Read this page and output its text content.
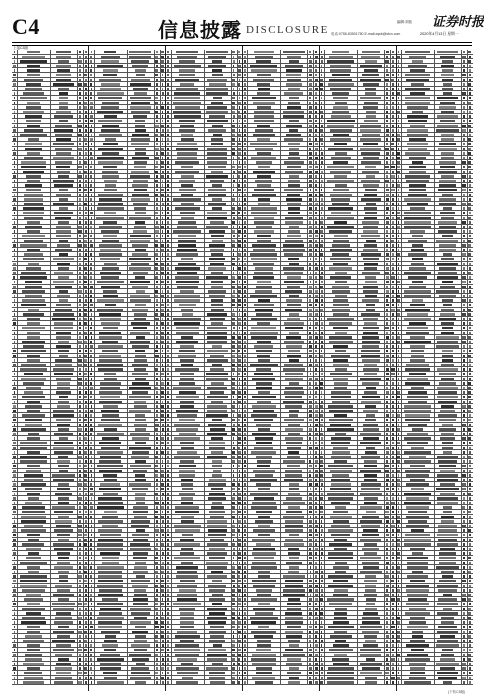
C4	信息披露 DISCLOSURE
编辑:刘拓 证券时报
电话:0755-83501750 E-mail:zqsb@stcn.com	2020年4月13日 星期一
上接C3版
(下转C5版)
